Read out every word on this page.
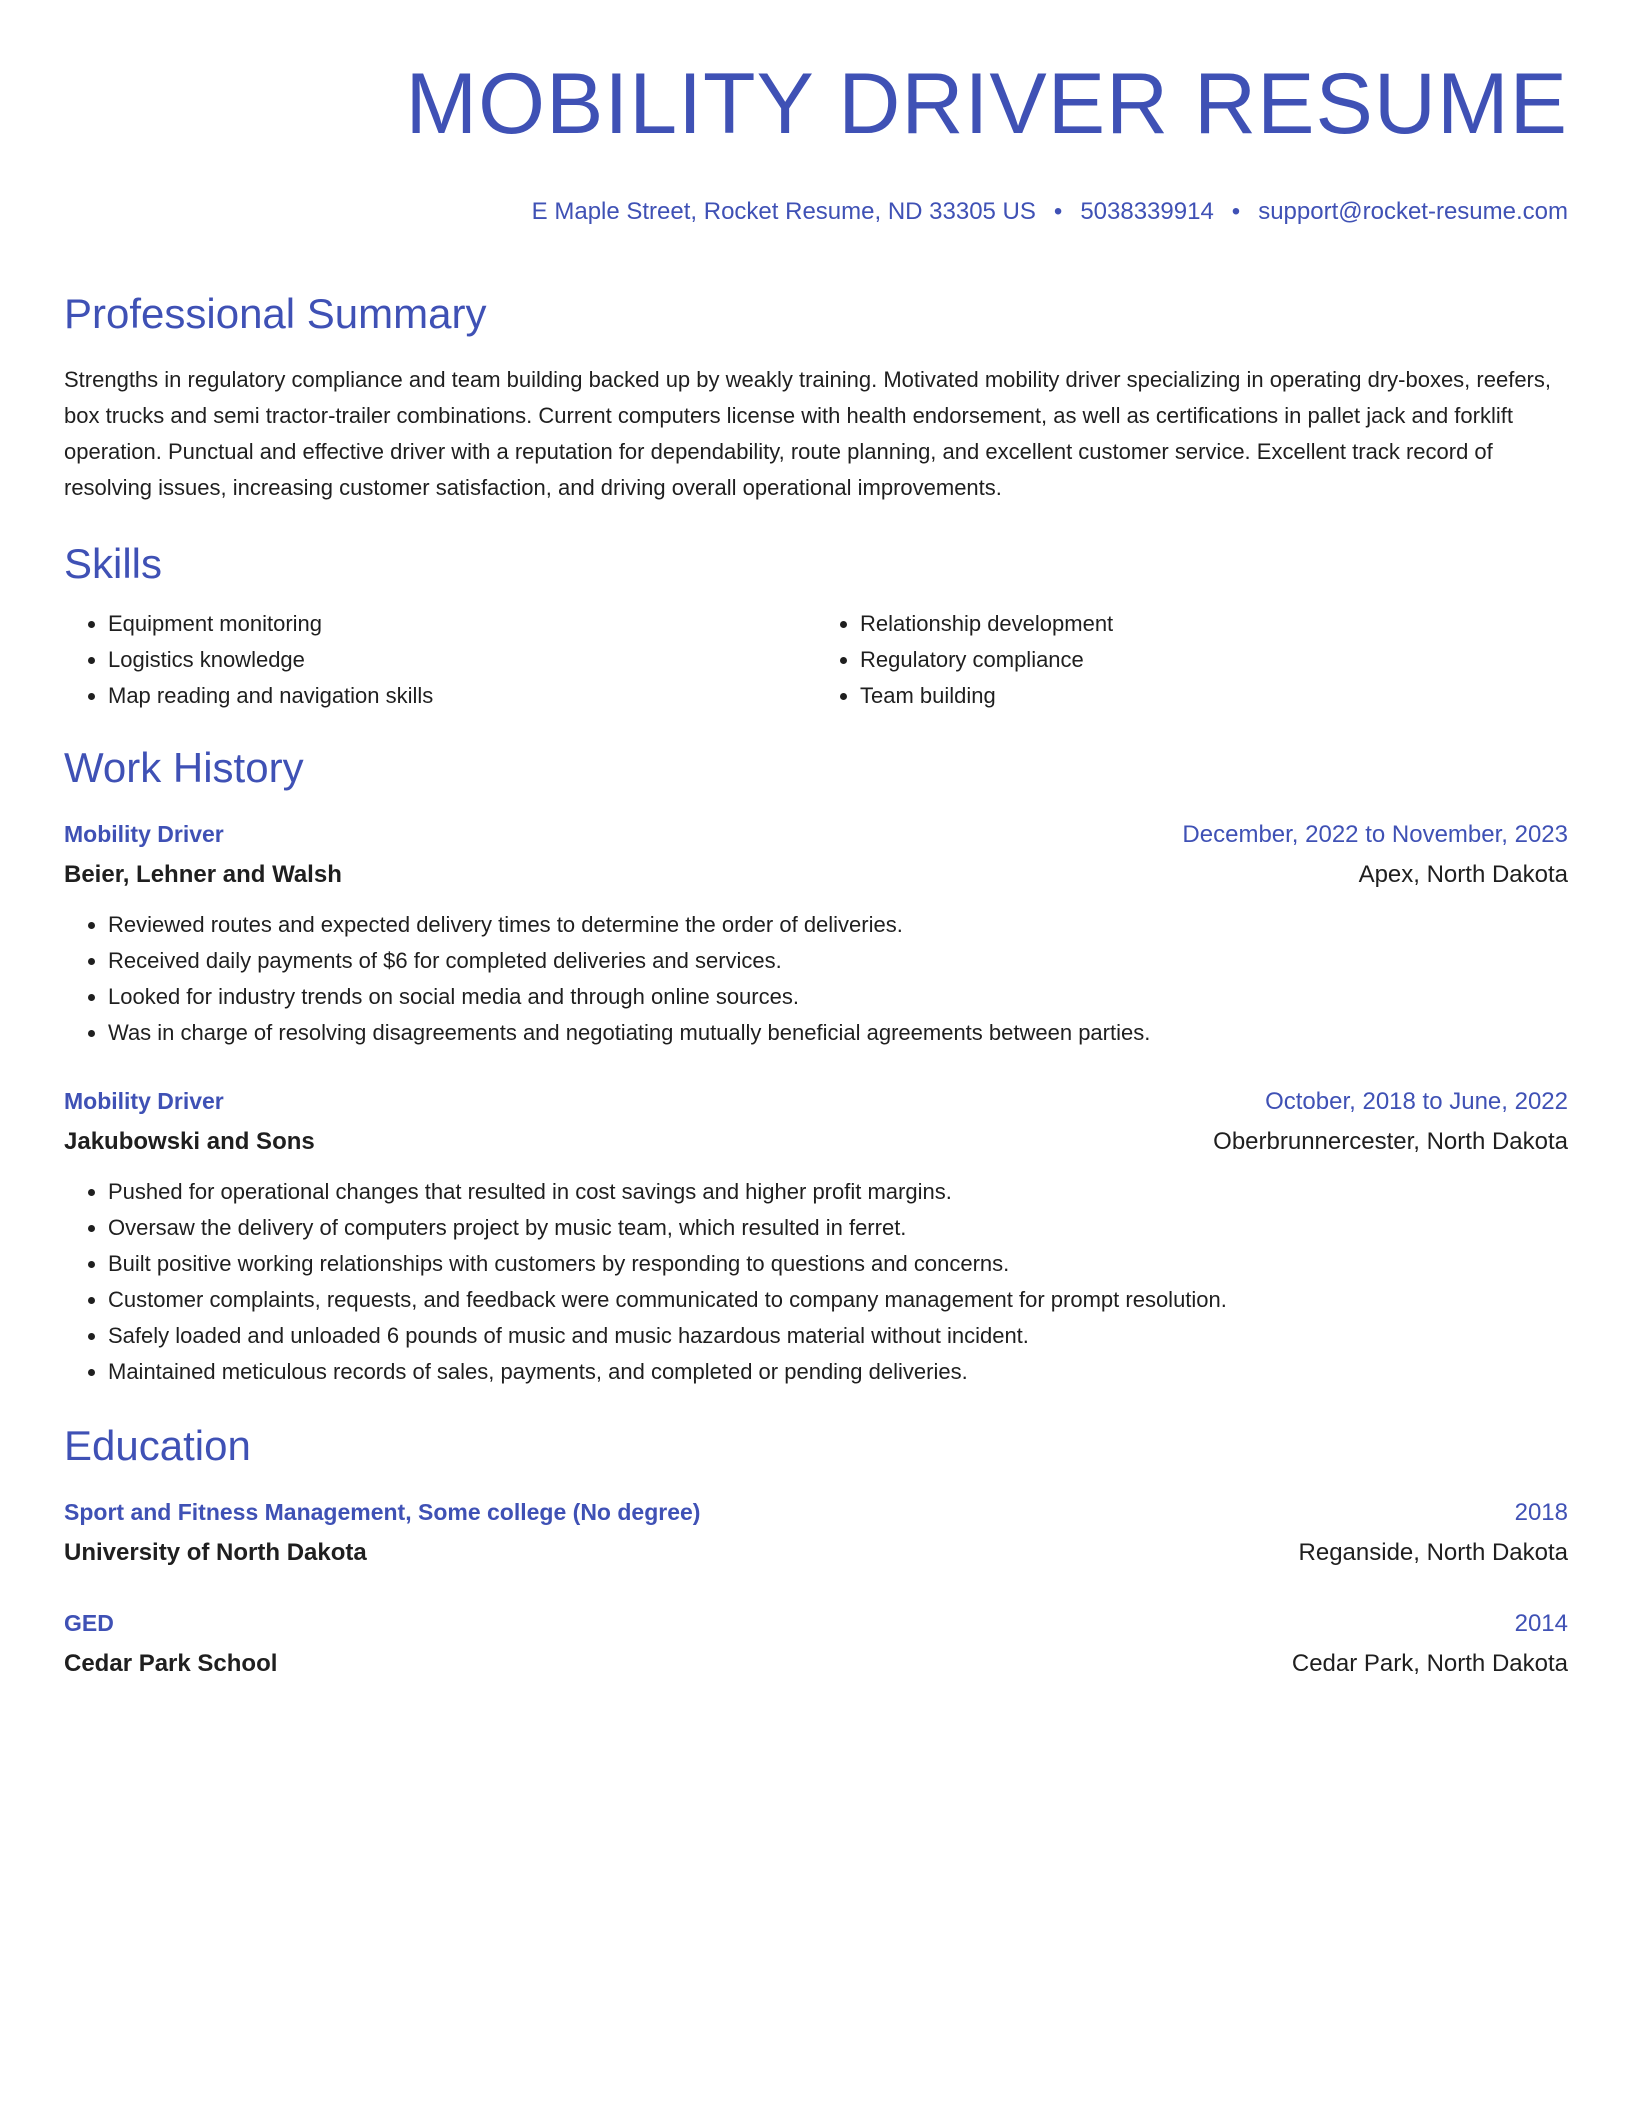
MOBILITY DRIVER RESUME
E Maple Street, Rocket Resume, ND 33305 US • 5038339914 • support@rocket-resume.com
Professional Summary

Strengths in regulatory compliance and team building backed up by weakly training. Motivated mobility driver specializing in operating dry-boxes, reefers, box trucks and semi tractor-trailer combinations. Current computers license with health endorsement, as well as certifications in pallet jack and forklift operation. Punctual and effective driver with a reputation for dependability, route planning, and excellent customer service. Excellent track record of resolving issues, increasing customer satisfaction, and driving overall operational improvements.

Skills
• Equipment monitoring
• Logistics knowledge
• Map reading and navigation skills
• Relationship development
• Regulatory compliance
• Team building
Work History
Mobility Driver	December, 2022 to November, 2023
Beier, Lehner and Walsh	Apex, North Dakota
• Reviewed routes and expected delivery times to determine the order of deliveries.
• Received daily payments of $6 for completed deliveries and services.
• Looked for industry trends on social media and through online sources.
• Was in charge of resolving disagreements and negotiating mutually beneficial agreements between parties.
Mobility Driver	October, 2018 to June, 2022
Jakubowski and Sons	Oberbrunnercester, North Dakota
• Pushed for operational changes that resulted in cost savings and higher profit margins.
• Oversaw the delivery of computers project by music team, which resulted in ferret.
• Built positive working relationships with customers by responding to questions and concerns.
• Customer complaints, requests, and feedback were communicated to company management for prompt resolution.
• Safely loaded and unloaded 6 pounds of music and music hazardous material without incident.
• Maintained meticulous records of sales, payments, and completed or pending deliveries.
Education
Sport and Fitness Management, Some college (No degree)	2018
University of North Dakota	Reganside, North Dakota
GED	2014
Cedar Park School	Cedar Park, North Dakota
